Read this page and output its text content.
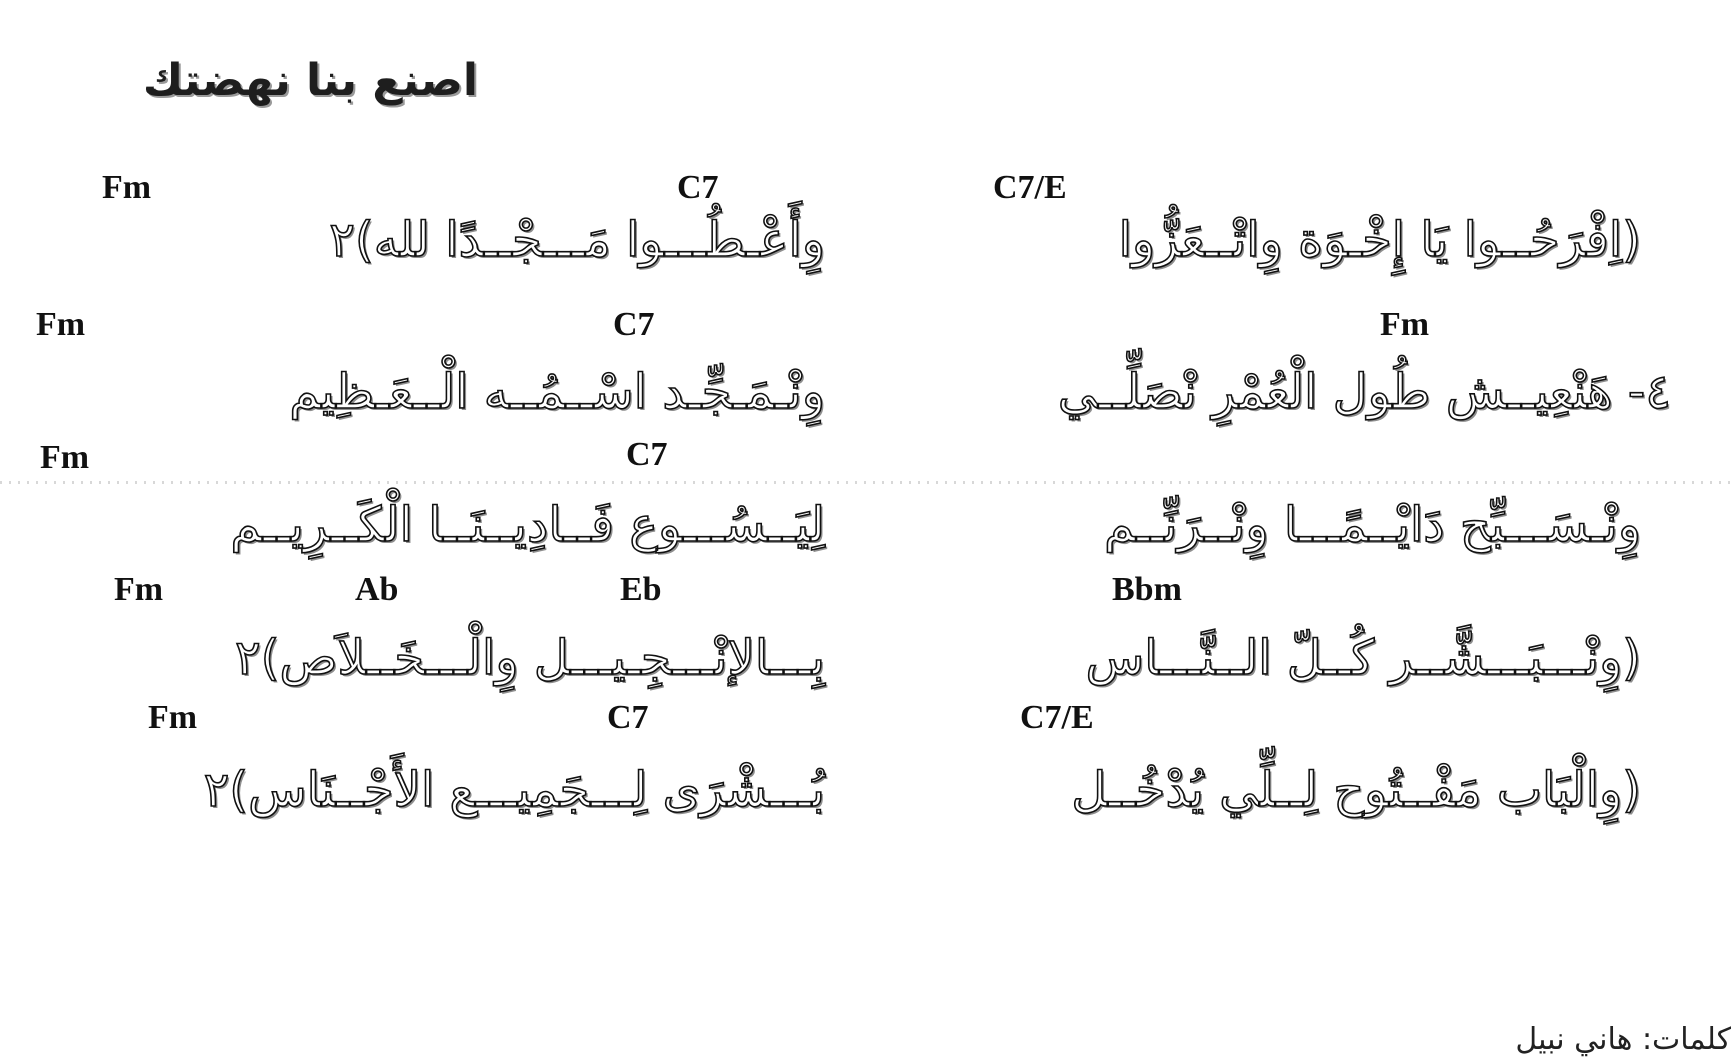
اصنع بنا نهضتك
Fm	C7	C7/E
(اِفْرَحُــوا يَا إِخْـوَة وِاتْــعَزُّوا
وِأَعْـطُـــوا مَـــجْــدًا لله)٢
Fm	C7	Fm
٤- هَنْعِيــش طُول الْعُمْرِ نْصَلِّــي
وِنْـمَـجِّـد اسْــمُــه الْــعَـظِيم
Fm	C7
وِنْـسَـــبِّح دَايْــمًـــا وِنْــرَنِّــم
لِيَــسُـــوع فَــادِيــنَــا الْكَــرِيــم
Fm	Ab	Eb	Bbm
(وِنْـــبَـــشَّــر كُــلّ الــنَّـــاس
بِـــالإنْـــجِـيـــل وِالْـــخَــلاَص)٢
Fm	C7	C7/E
(وِالْبَاب مَفْــتُوح لِــلِّي يُدْخُــل
بُـــشْرَى لِـــجَمِيـــع الأَجْــنَاس)٢
كلمات: هاني نبيل
